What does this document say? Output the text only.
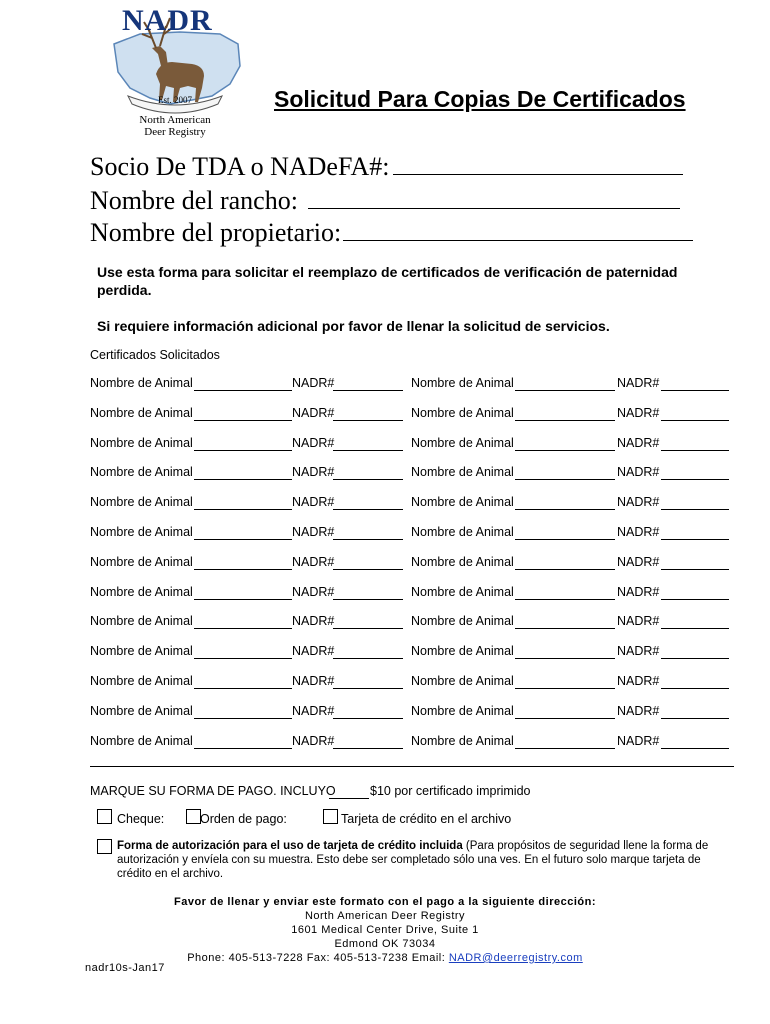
NADR
Est. 2007
North American
Deer Registry
Solicitud Para Copias De Certificados
Socio De TDA o NADeFA#:
Nombre del rancho:
Nombre del propietario:
Use esta forma para solicitar el reemplazo de certificados de verificación de paternidad perdida.
Si requiere información adicional por favor de llenar la solicitud de servicios.
Certificados Solicitados
Nombre de Animal	NADR#	Nombre de Animal	NADR#
Nombre de Animal	NADR#	Nombre de Animal	NADR#
Nombre de Animal	NADR#	Nombre de Animal	NADR#
Nombre de Animal	NADR#	Nombre de Animal	NADR#
Nombre de Animal	NADR#	Nombre de Animal	NADR#
Nombre de Animal	NADR#	Nombre de Animal	NADR#
Nombre de Animal	NADR#	Nombre de Animal	NADR#
Nombre de Animal	NADR#	Nombre de Animal	NADR#
Nombre de Animal	NADR#	Nombre de Animal	NADR#
Nombre de Animal	NADR#	Nombre de Animal	NADR#
Nombre de Animal	NADR#	Nombre de Animal	NADR#
Nombre de Animal	NADR#	Nombre de Animal	NADR#
Nombre de Animal	NADR#	Nombre de Animal	NADR#
MARQUE SU FORMA DE PAGO. INCLUYO	$10 por certificado imprimido
Cheque:	Orden de pago:	Tarjeta de crédito en el archivo
Forma de autorización para el uso de tarjeta de crédito incluida (Para propósitos de seguridad llene la forma de
autorización y envíela con su muestra. Esto debe ser completado sólo una ves. En el futuro solo marque tarjeta de
crédito en el archivo.
Favor de llenar y enviar este formato con el pago a la siguiente dirección:
North American Deer Registry
1601 Medical Center Drive, Suite 1
Edmond OK 73034
Phone: 405-513-7228 Fax: 405-513-7238 Email: NADR@deerregistry.com
nadr10s-Jan17
